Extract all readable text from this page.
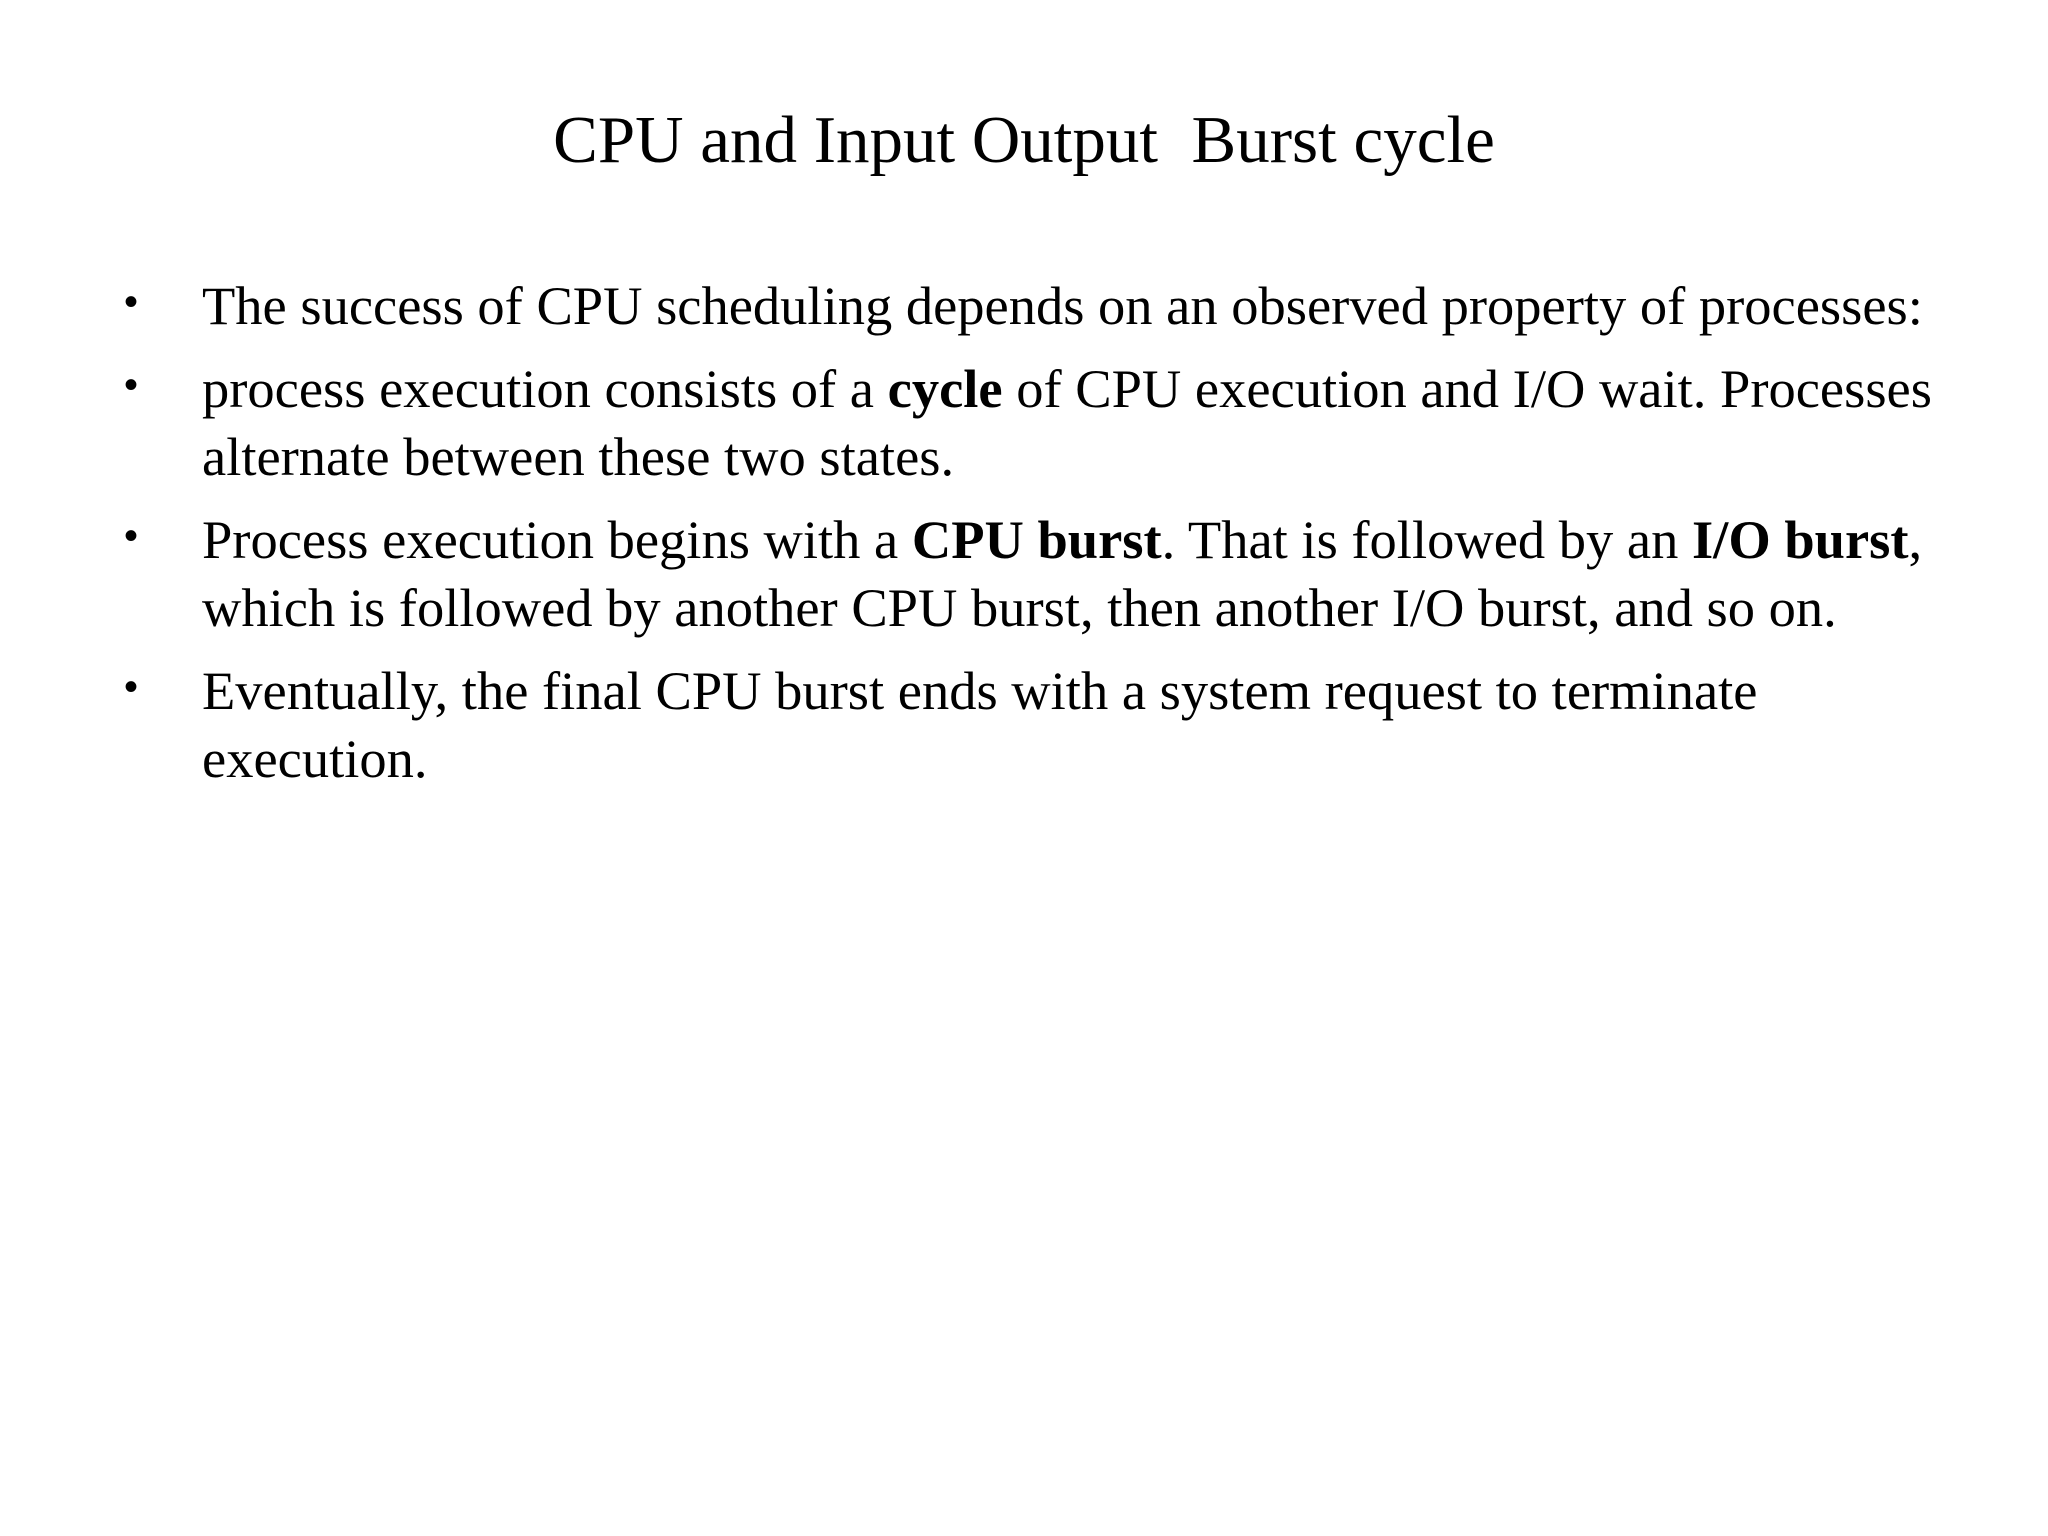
CPU and Input Output  Burst cycle
• The success of CPU scheduling depends on an observed property of processes:
• process execution consists of a cycle of CPU execution and I/O wait. Processes alternate between these two states.
• Process execution begins with a CPU burst. That is followed by an I/O burst, which is followed by another CPU burst, then another I/O burst, and so on.
• Eventually, the final CPU burst ends with a system request to terminate execution.
